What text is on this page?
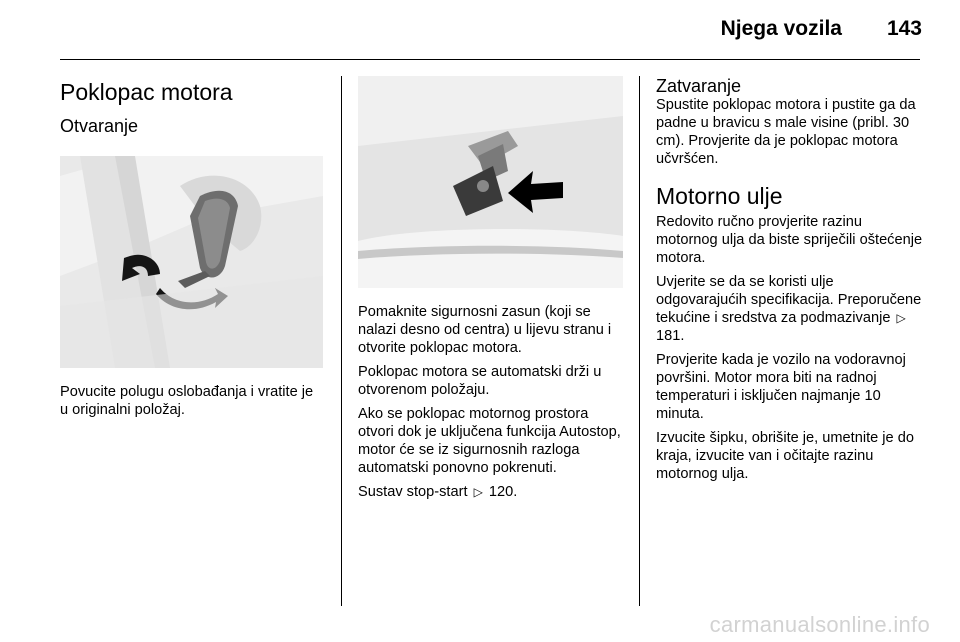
Njega vozila 143
Poklopac motora
Otvaranje
Povucite polugu oslobađanja i vratite je u originalni položaj.
Pomaknite sigurnosni zasun (koji se nalazi desno od centra) u lijevu stranu i otvorite poklopac motora.
Poklopac motora se automatski drži u otvorenom položaju.
Ako se poklopac motornog prostora otvori dok je uključena funkcija Autostop, motor će se iz sigurnosnih razloga automatski ponovno pokrenuti.
Sustav stop-start ▷ 120.
Zatvaranje
Spustite poklopac motora i pustite ga da padne u bravicu s male visine (pribl. 30 cm). Provjerite da je poklopac motora učvršćen.
Motorno ulje
Redovito ručno provjerite razinu motornog ulja da biste spriječili oštećenje motora.
Uvjerite se da se koristi ulje odgovarajućih specifikacija. Preporučene tekućine i sredstva za podmazivanje ▷ 181.
Provjerite kada je vozilo na vodoravnoj površini. Motor mora biti na radnoj temperaturi i isključen najmanje 10 minuta.
Izvucite šipku, obrišite je, umetnite je do kraja, izvucite van i očitajte razinu motornog ulja.
carmanualsonline.info
